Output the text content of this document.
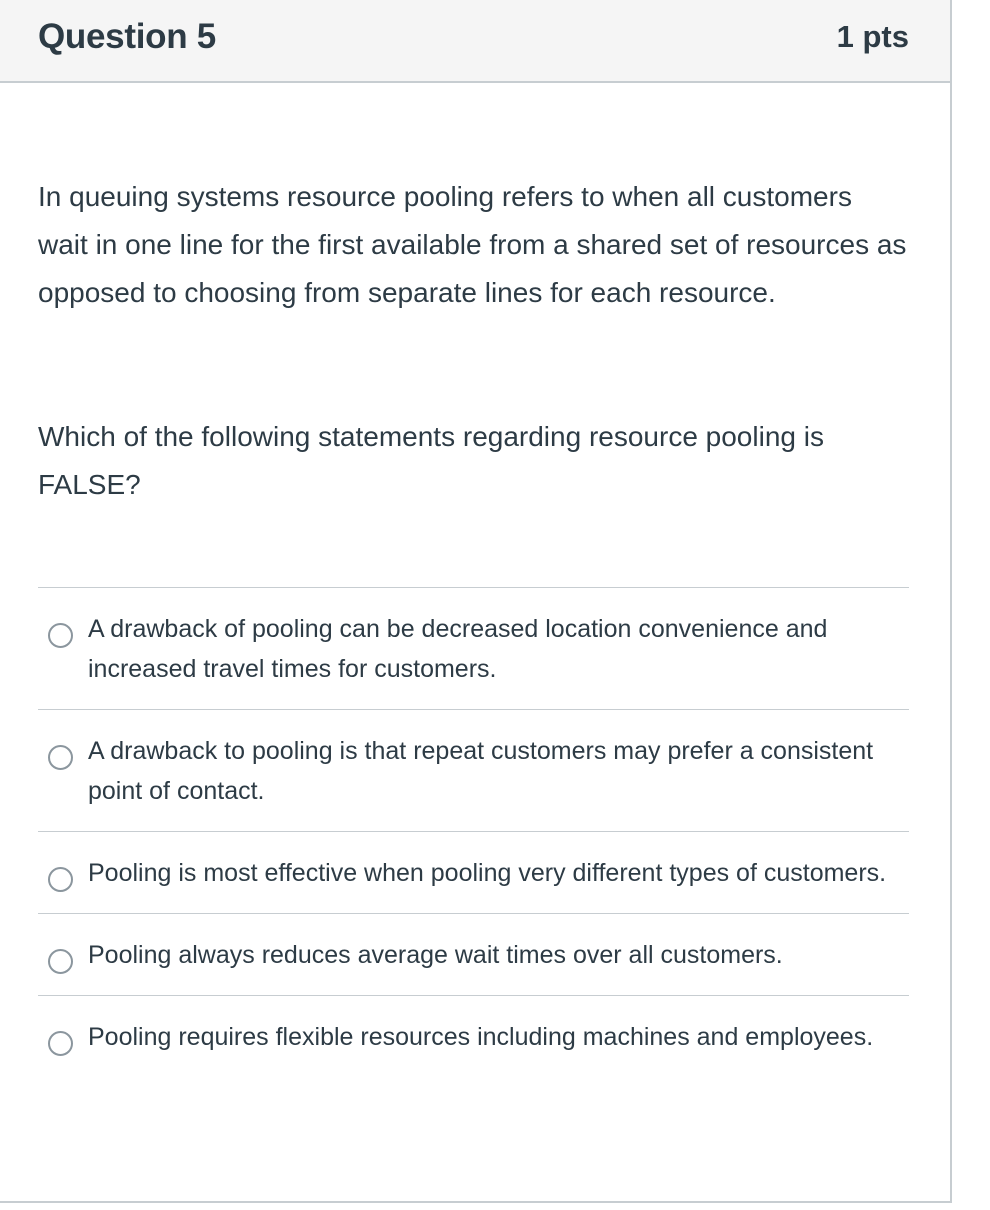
Question 5	1 pts

In queuing systems resource pooling refers to when all customers wait in one line for the first available from a shared set of resources as opposed to choosing from separate lines for each resource.

Which of the following statements regarding resource pooling is FALSE?

A drawback of pooling can be decreased location convenience and increased travel times for customers.
A drawback to pooling is that repeat customers may prefer a consistent point of contact.
Pooling is most effective when pooling very different types of customers.
Pooling always reduces average wait times over all customers.
Pooling requires flexible resources including machines and employees.
